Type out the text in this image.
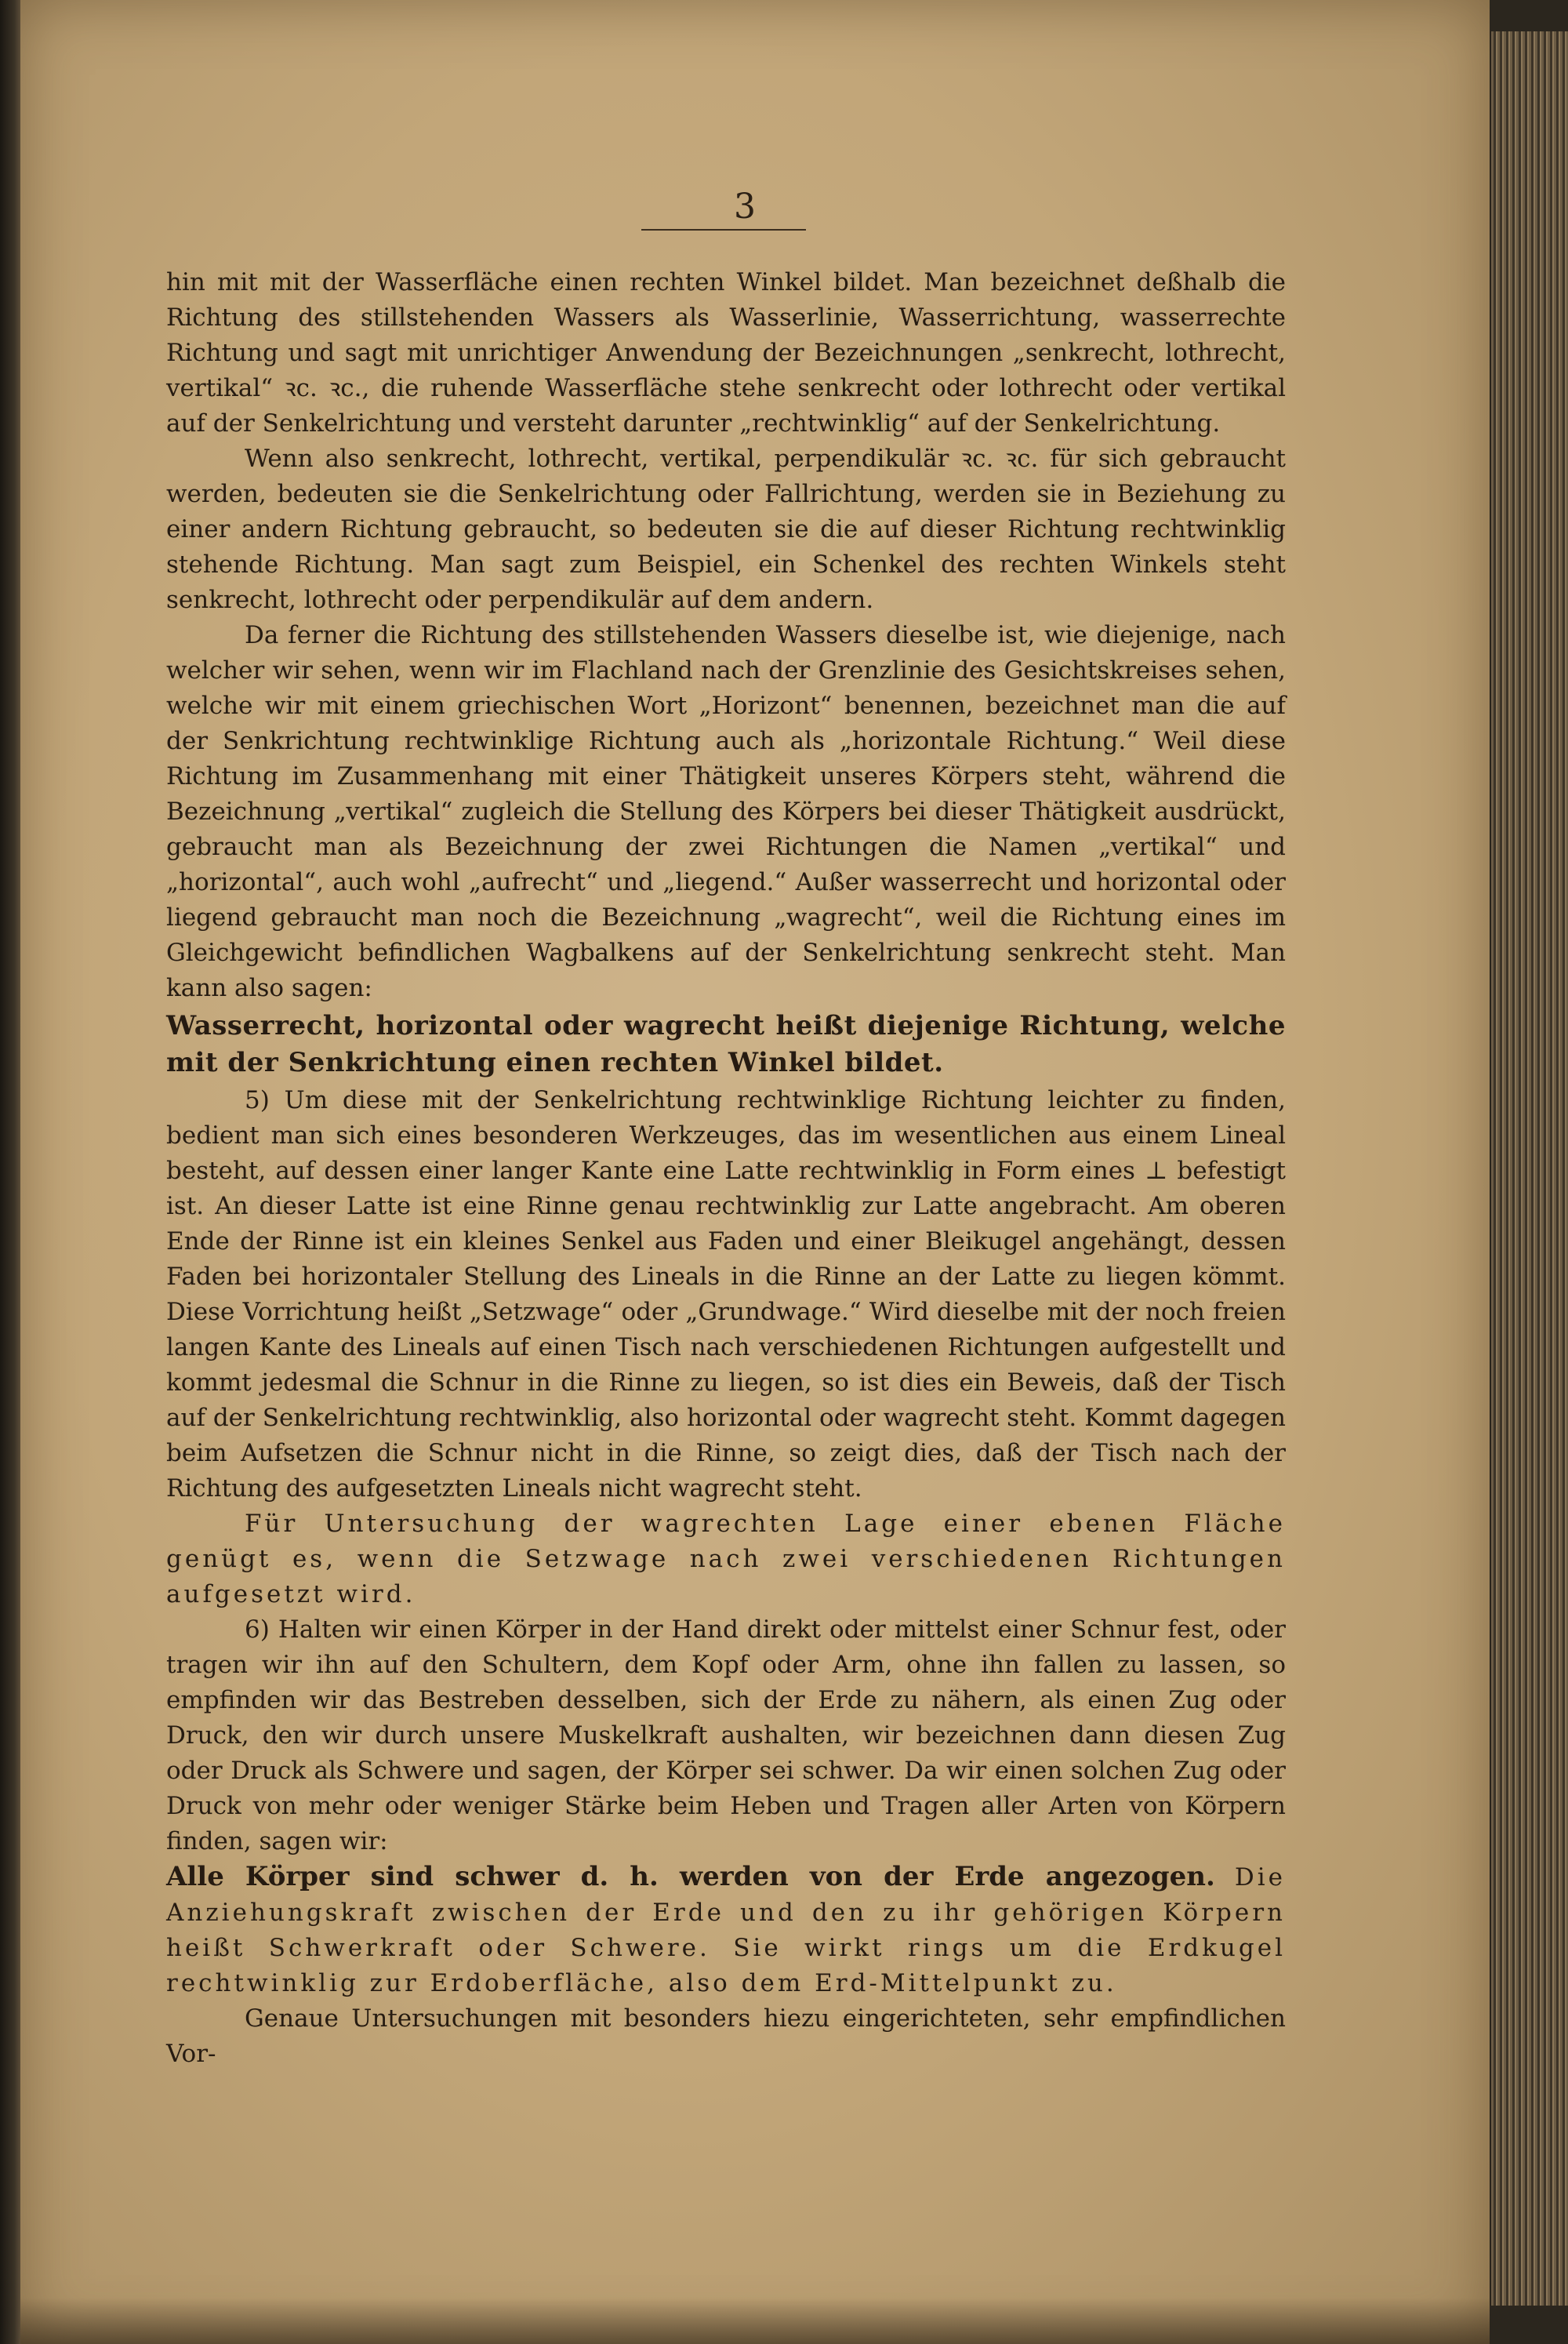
3

hin mit mit der Wasserfläche einen rechten Winkel bildet. Man bezeichnet deßhalb die Richtung des stillstehenden Wassers als Wasserlinie, Wasserrichtung, wasserrechte Richtung und sagt mit unrichtiger Anwendung der Bezeichnungen „senkrecht, lothrecht, vertikal“ ꝛc. ꝛc., die ruhende Wasserfläche stehe senkrecht oder lothrecht oder vertikal auf der Senkelrichtung und versteht darunter „rechtwinklig“ auf der Senkelrichtung.

Wenn also senkrecht, lothrecht, vertikal, perpendikulär ꝛc. ꝛc. für sich gebraucht werden, bedeuten sie die Senkelrichtung oder Fallrichtung, werden sie in Beziehung zu einer andern Richtung gebraucht, so bedeuten sie die auf dieser Richtung rechtwinklig stehende Richtung. Man sagt zum Beispiel, ein Schenkel des rechten Winkels steht senkrecht, lothrecht oder perpendikulär auf dem andern.

Da ferner die Richtung des stillstehenden Wassers dieselbe ist, wie diejenige, nach welcher wir sehen, wenn wir im Flachland nach der Grenzlinie des Gesichtskreises sehen, welche wir mit einem griechischen Wort „Horizont“ benennen, bezeichnet man die auf der Senkrichtung rechtwinklige Richtung auch als „horizontale Richtung.“ Weil diese Richtung im Zusammenhang mit einer Thätigkeit unseres Körpers steht, während die Bezeichnung „vertikal“ zugleich die Stellung des Körpers bei dieser Thätigkeit ausdrückt, gebraucht man als Bezeichnung der zwei Richtungen die Namen „vertikal“ und „horizontal“, auch wohl „aufrecht“ und „liegend.“ Außer wasserrecht und horizontal oder liegend gebraucht man noch die Bezeichnung „wagrecht“, weil die Richtung eines im Gleichgewicht befindlichen Wagbalkens auf der Senkelrichtung senkrecht steht. Man kann also sagen:

Wasserrecht, horizontal oder wagrecht heißt diejenige Richtung, welche mit der Senkrichtung einen rechten Winkel bildet.

5) Um diese mit der Senkelrichtung rechtwinklige Richtung leichter zu finden, bedient man sich eines besonderen Werkzeuges, das im wesentlichen aus einem Lineal besteht, auf dessen einer langer Kante eine Latte rechtwinklig in Form eines ⊥ befestigt ist. An dieser Latte ist eine Rinne genau rechtwinklig zur Latte angebracht. Am oberen Ende der Rinne ist ein kleines Senkel aus Faden und einer Bleikugel angehängt, dessen Faden bei horizontaler Stellung des Lineals in die Rinne an der Latte zu liegen kömmt. Diese Vorrichtung heißt „Setzwage“ oder „Grundwage.“ Wird dieselbe mit der noch freien langen Kante des Lineals auf einen Tisch nach verschiedenen Richtungen aufgestellt und kommt jedesmal die Schnur in die Rinne zu liegen, so ist dies ein Beweis, daß der Tisch auf der Senkelrichtung rechtwinklig, also horizontal oder wagrecht steht. Kommt dagegen beim Aufsetzen die Schnur nicht in die Rinne, so zeigt dies, daß der Tisch nach der Richtung des aufgesetzten Lineals nicht wagrecht steht.

Für Untersuchung der wagrechten Lage einer ebenen Fläche genügt es, wenn die Setzwage nach zwei verschiedenen Richtungen aufgesetzt wird.

6) Halten wir einen Körper in der Hand direkt oder mittelst einer Schnur fest, oder tragen wir ihn auf den Schultern, dem Kopf oder Arm, ohne ihn fallen zu lassen, so empfinden wir das Bestreben desselben, sich der Erde zu nähern, als einen Zug oder Druck, den wir durch unsere Muskelkraft aushalten, wir bezeichnen dann diesen Zug oder Druck als Schwere und sagen, der Körper sei schwer. Da wir einen solchen Zug oder Druck von mehr oder weniger Stärke beim Heben und Tragen aller Arten von Körpern finden, sagen wir:

Alle Körper sind schwer d. h. werden von der Erde angezogen. Die Anziehungskraft zwischen der Erde und den zu ihr gehörigen Körpern heißt Schwerkraft oder Schwere. Sie wirkt rings um die Erdkugel rechtwinklig zur Erdoberfläche, also dem Erd-Mittelpunkt zu.

Genaue Untersuchungen mit besonders hiezu eingerichteten, sehr empfindlichen Vor-
